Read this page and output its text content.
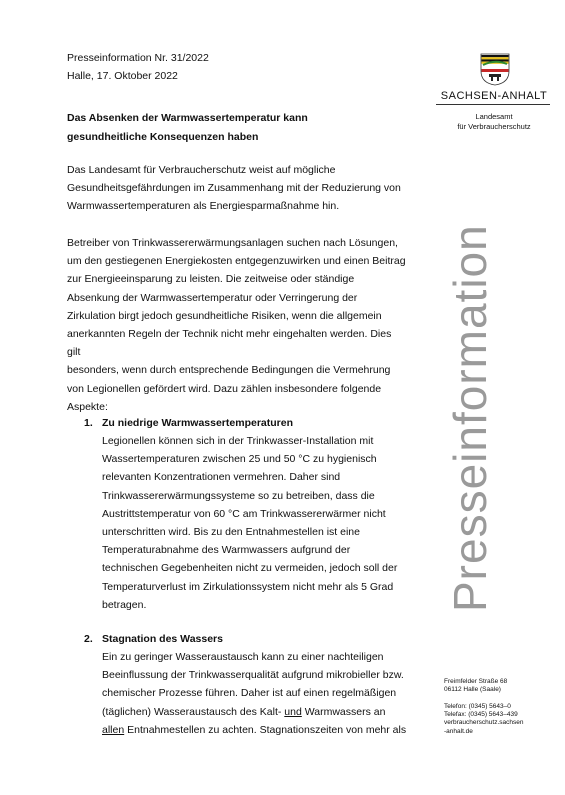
Presseinformation Nr. 31/2022
Halle, 17. Oktober 2022
Das Absenken der Warmwassertemperatur kann
gesundheitliche Konsequenzen haben

Das Landesamt für Verbraucherschutz weist auf mögliche

Gesundheitsgefährdungen im Zusammenhang mit der Reduzierung von

Warmwassertemperaturen als Energiesparmaßnahme hin.

Betreiber von Trinkwassererwärmungsanlagen suchen nach Lösungen,

um den gestiegenen Energiekosten entgegenzuwirken und einen Beitrag

zur Energieeinsparung zu leisten. Die zeitweise oder ständige

Absenkung der Warmwassertemperatur oder Verringerung der

Zirkulation birgt jedoch gesundheitliche Risiken, wenn die allgemein

anerkannten Regeln der Technik nicht mehr eingehalten werden. Dies gilt

besonders, wenn durch entsprechende Bedingungen die Vermehrung

von Legionellen gefördert wird. Dazu zählen insbesondere folgende

Aspekte:

1. Zu niedrige Warmwassertemperaturen
Legionellen können sich in der Trinkwasser-Installation mit
Wassertemperaturen zwischen 25 und 50 °C zu hygienisch
relevanten Konzentrationen vermehren. Daher sind
Trinkwassererwärmungssysteme so zu betreiben, dass die
Austrittstemperatur von 60 °C am Trinkwassererwärmer nicht
unterschritten wird. Bis zu den Entnahmestellen ist eine
Temperaturabnahme des Warmwassers aufgrund der
technischen Gegebenheiten nicht zu vermeiden, jedoch soll der
Temperaturverlust im Zirkulationssystem nicht mehr als 5 Grad
betragen.
2. Stagnation des Wassers
Ein zu geringer Wasseraustausch kann zu einer nachteiligen
Beeinflussung der Trinkwasserqualität aufgrund mikrobieller bzw.
chemischer Prozesse führen. Daher ist auf einen regelmäßigen
(täglichen) Wasseraustausch des Kalt- und Warmwassers an
allen Entnahmestellen zu achten. Stagnationszeiten von mehr als
SACHSEN-ANHALT
Landesamt
für Verbraucherschutz
Presseinformation
Freimfelder Straße 68
06112 Halle (Saale)
Telefon: (0345) 5643–0
Telefax: (0345) 5643–439
verbraucherschutz.sachsen
-anhalt.de
